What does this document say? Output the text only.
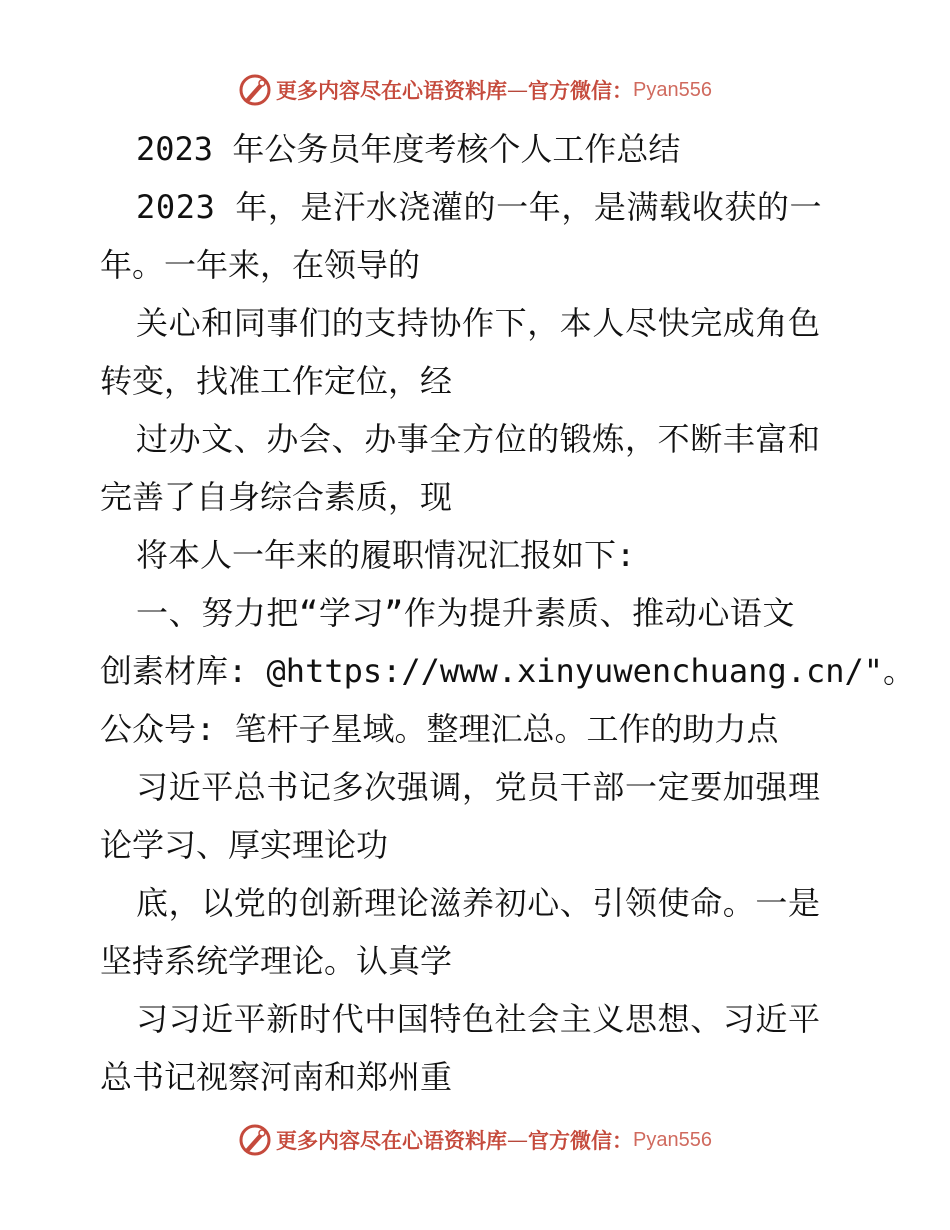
更多内容尽在心语资料库 — 官方微信： Pyan556
2023 年公务员年度考核个人工作总结
2023 年，是汗水浇灌的一年，是满载收获的一
年。一年来，在领导的
关心和同事们的支持协作下，本人尽快完成角色
转变，找准工作定位，经
过办文、办会、办事全方位的锻炼，不断丰富和
完善了自身综合素质，现
将本人一年来的履职情况汇报如下:
一、努力把“学习”作为提升素质、推动心语文
创素材库: @https://www.xinyuwenchuang.cn/"。
公众号: 笔杆子星域。整理汇总。工作的助力点
习近平总书记多次强调，党员干部一定要加强理
论学习、厚实理论功
底，以党的创新理论滋养初心、引领使命。一是
坚持系统学理论。认真学
习习近平新时代中国特色社会主义思想、习近平
总书记视察河南和郑州重
更多内容尽在心语资料库 — 官方微信： Pyan556
